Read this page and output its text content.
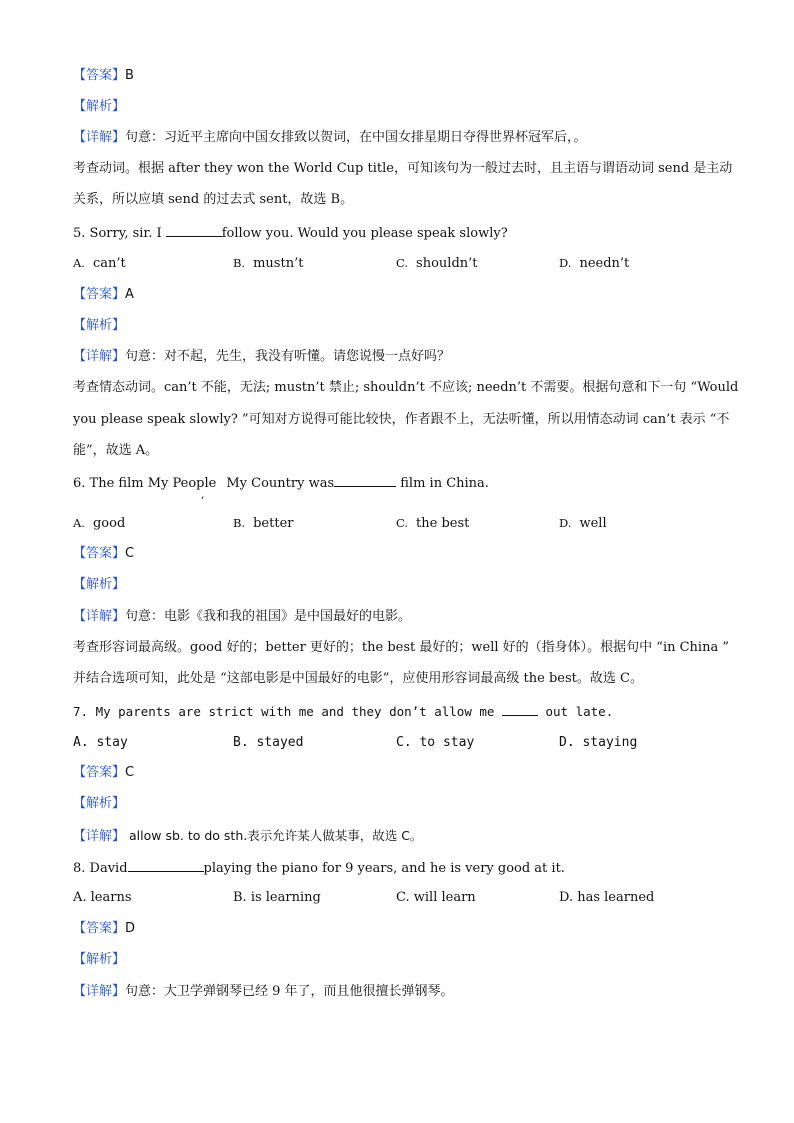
【答案】B
【解析】
【详解】句意：习近平主席向中国女排致以贺词，在中国女排星期日夺得世界杯冠军后，。
考查动词。根据 after they won the World Cup title，可知该句为一般过去时，且主语与谓语动词 send 是主动
关系，所以应填 send 的过去式 sent，故选 B。
5. Sorry, sir. I	follow you. Would you please speak slowly?
A. can’t	B. mustn’t	C. shouldn’t	D. needn’t
【答案】A
【解析】
【详解】句意：对不起，先生，我没有听懂。请您说慢一点好吗？
考查情态动词。can’t 不能，无法; mustn’t 禁止; shouldn’t 不应该; needn’t 不需要。根据句意和下一句 “Would
you please speak slowly? ”可知对方说得可能比较快，作者跟不上，无法听懂，所以用情态动词 can’t 表示 “不
能”，故选 A。
6. The film My People My Country was	film in China.
,
A. good	B. better	C. the best	D. well
【答案】C
【解析】
【详解】句意：电影《我和我的祖国》是中国最好的电影。
考查形容词最高级。good 好的；better 更好的；the best 最好的；well 好的（指身体）。根据句中 “in China ”
并结合选项可知，此处是 “这部电影是中国最好的电影”，应使用形容词最高级 the best。故选 C。
7. My parents are strict with me and they don’t allow me	out late.
A. stay	B. stayed	C. to stay	D. staying
【答案】C
【解析】
【详解】 allow sb. to do sth.表示允许某人做某事，故选 C。
8. David	playing the piano for 9 years, and he is very good at it.
A. learns	B. is learning	C. will learn	D. has learned
【答案】D
【解析】
【详解】句意：大卫学弹钢琴已经 9 年了，而且他很擅长弹钢琴。
